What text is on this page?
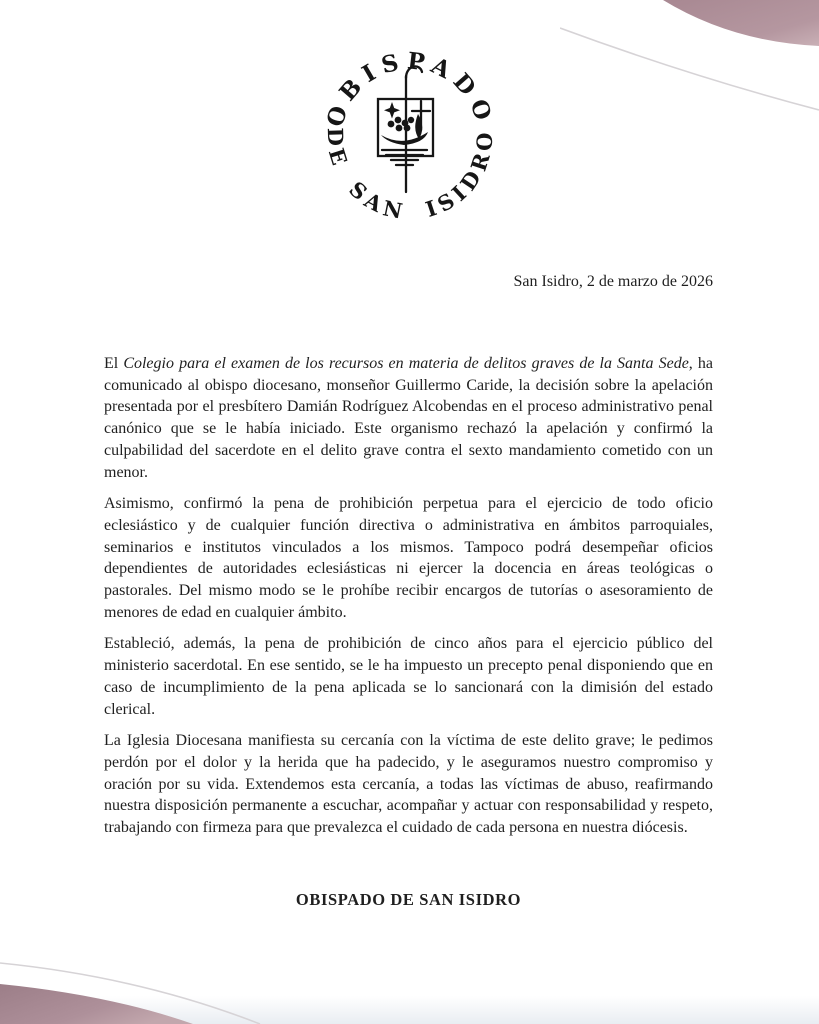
OBISPADO
DE SAN ISIDRO
San Isidro, 2 de marzo de 2026

El Colegio para el examen de los recursos en materia de delitos graves de la Santa Sede, ha comunicado al obispo diocesano, monseñor Guillermo Caride, la decisión sobre la apelación presentada por el presbítero Damián Rodríguez Alcobendas en el proceso administrativo penal canónico que se le había iniciado. Este organismo rechazó la apelación y confirmó la culpabilidad del sacerdote en el delito grave contra el sexto mandamiento cometido con un menor.

Asimismo, confirmó la pena de prohibición perpetua para el ejercicio de todo oficio eclesiástico y de cualquier función directiva o administrativa en ámbitos parroquiales, seminarios e institutos vinculados a los mismos. Tampoco podrá desempeñar oficios dependientes de autoridades eclesiásticas ni ejercer la docencia en áreas teológicas o pastorales. Del mismo modo se le prohíbe recibir encargos de tutorías o asesoramiento de menores de edad en cualquier ámbito.

Estableció, además, la pena de prohibición de cinco años para el ejercicio público del ministerio sacerdotal. En ese sentido, se le ha impuesto un precepto penal disponiendo que en caso de incumplimiento de la pena aplicada se lo sancionará con la dimisión del estado clerical.

La Iglesia Diocesana manifiesta su cercanía con la víctima de este delito grave; le pedimos perdón por el dolor y la herida que ha padecido, y le aseguramos nuestro compromiso y oración por su vida. Extendemos esta cercanía, a todas las víctimas de abuso, reafirmando nuestra disposición permanente a escuchar, acompañar y actuar con responsabilidad y respeto, trabajando con firmeza para que prevalezca el cuidado de cada persona en nuestra diócesis.

OBISPADO DE SAN ISIDRO
